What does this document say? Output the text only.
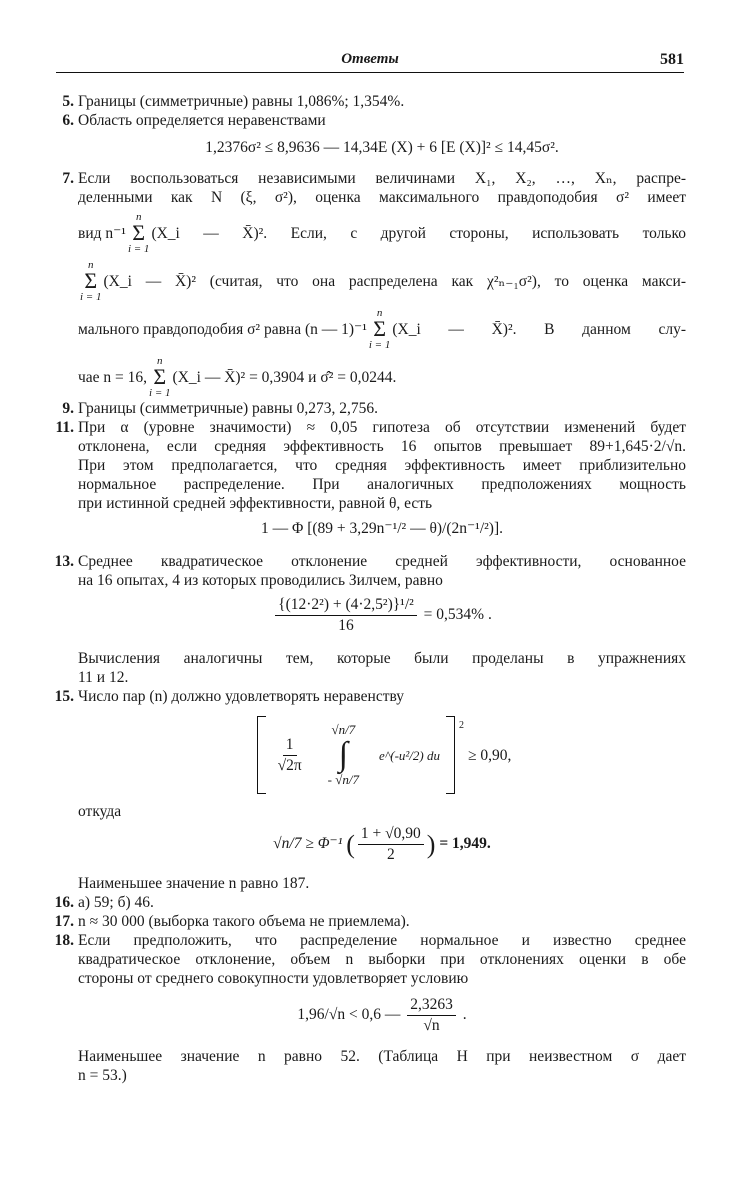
Ответы	581
5. Границы (симметричные) равны 1,086%; 1,354%.
6. Область определяется неравенствами
1,2376σ² ≤ 8,9636 — 14,34E (X) + 6 [E (X)]² ≤ 14,45σ².
7. Если воспользоваться независимыми величинами X₁, X₂, …, Xₙ, распре-
деленными как N (ξ, σ²), оценка максимального правдоподобия σ² имеет
вид n⁻¹
n
Σ
i = 1
(X_i — X̄)². Если, с другой стороны, использовать только
n
Σ
i = 1
(X_i — X̄)² (считая, что она распределена как χ²ₙ₋₁σ²), то оценка макси-
мального правдоподобия σ² равна (n — 1)⁻¹
n
Σ
i = 1
(X_i — X̄)². В данном слу-
чае n = 16,
n
Σ
i = 1
(X_i — X̄)² = 0,3904 и σ̂² = 0,0244.
9. Границы (симметричные) равны 0,273, 2,756.
11. При α (уровне значимости) ≈ 0,05 гипотеза об отсутствии изменений будет
отклонена, если средняя эффективность 16 опытов превышает 89+1,645·2/√n.
При этом предполагается, что средняя эффективность имеет приблизительно
нормальное распределение. При аналогичных предположениях мощность
при истинной средней эффективности, равной θ, есть
1 — Φ [(89 + 3,29n⁻¹/² — θ)/(2n⁻¹/²)].
13. Среднее квадратическое отклонение средней эффективности, основанное
на 16 опытах, 4 из которых проводились Зилчем, равно
$\frac{\text{\{(12·2²) + (4·2,5²)\}¹/²}}{16} = 0,534\%$ .
Вычисления аналогичны тем, которые были проделаны в упражнениях
11 и 12.
15. Число пар (n) должно удовлетворять неравенству
$\frac{1}{√2\pi}$
√n/7
∫
- √n/7
e^(-u²/2) du
2
≥ 0,90,
откуда
√n/7 ≥ Φ⁻¹ ( $\frac{1 + √0,90}{2}$ ) = 1,949.
Наименьшее значение n равно 187.
16. а) 59; б) 46.
17. n ≈ 30 000 (выборка такого объема не приемлема).
18. Если предположить, что распределение нормальное и известно среднее
квадратическое отклонение, объем n выборки при отклонениях оценки в обе
стороны от среднего совокупности удовлетворяет условию
1,96/√n < 0,6 — $\frac{2,3263}{√n}$ .
Наименьшее значение n равно 52. (Таблица H при неизвестном σ дает
n = 53.)
